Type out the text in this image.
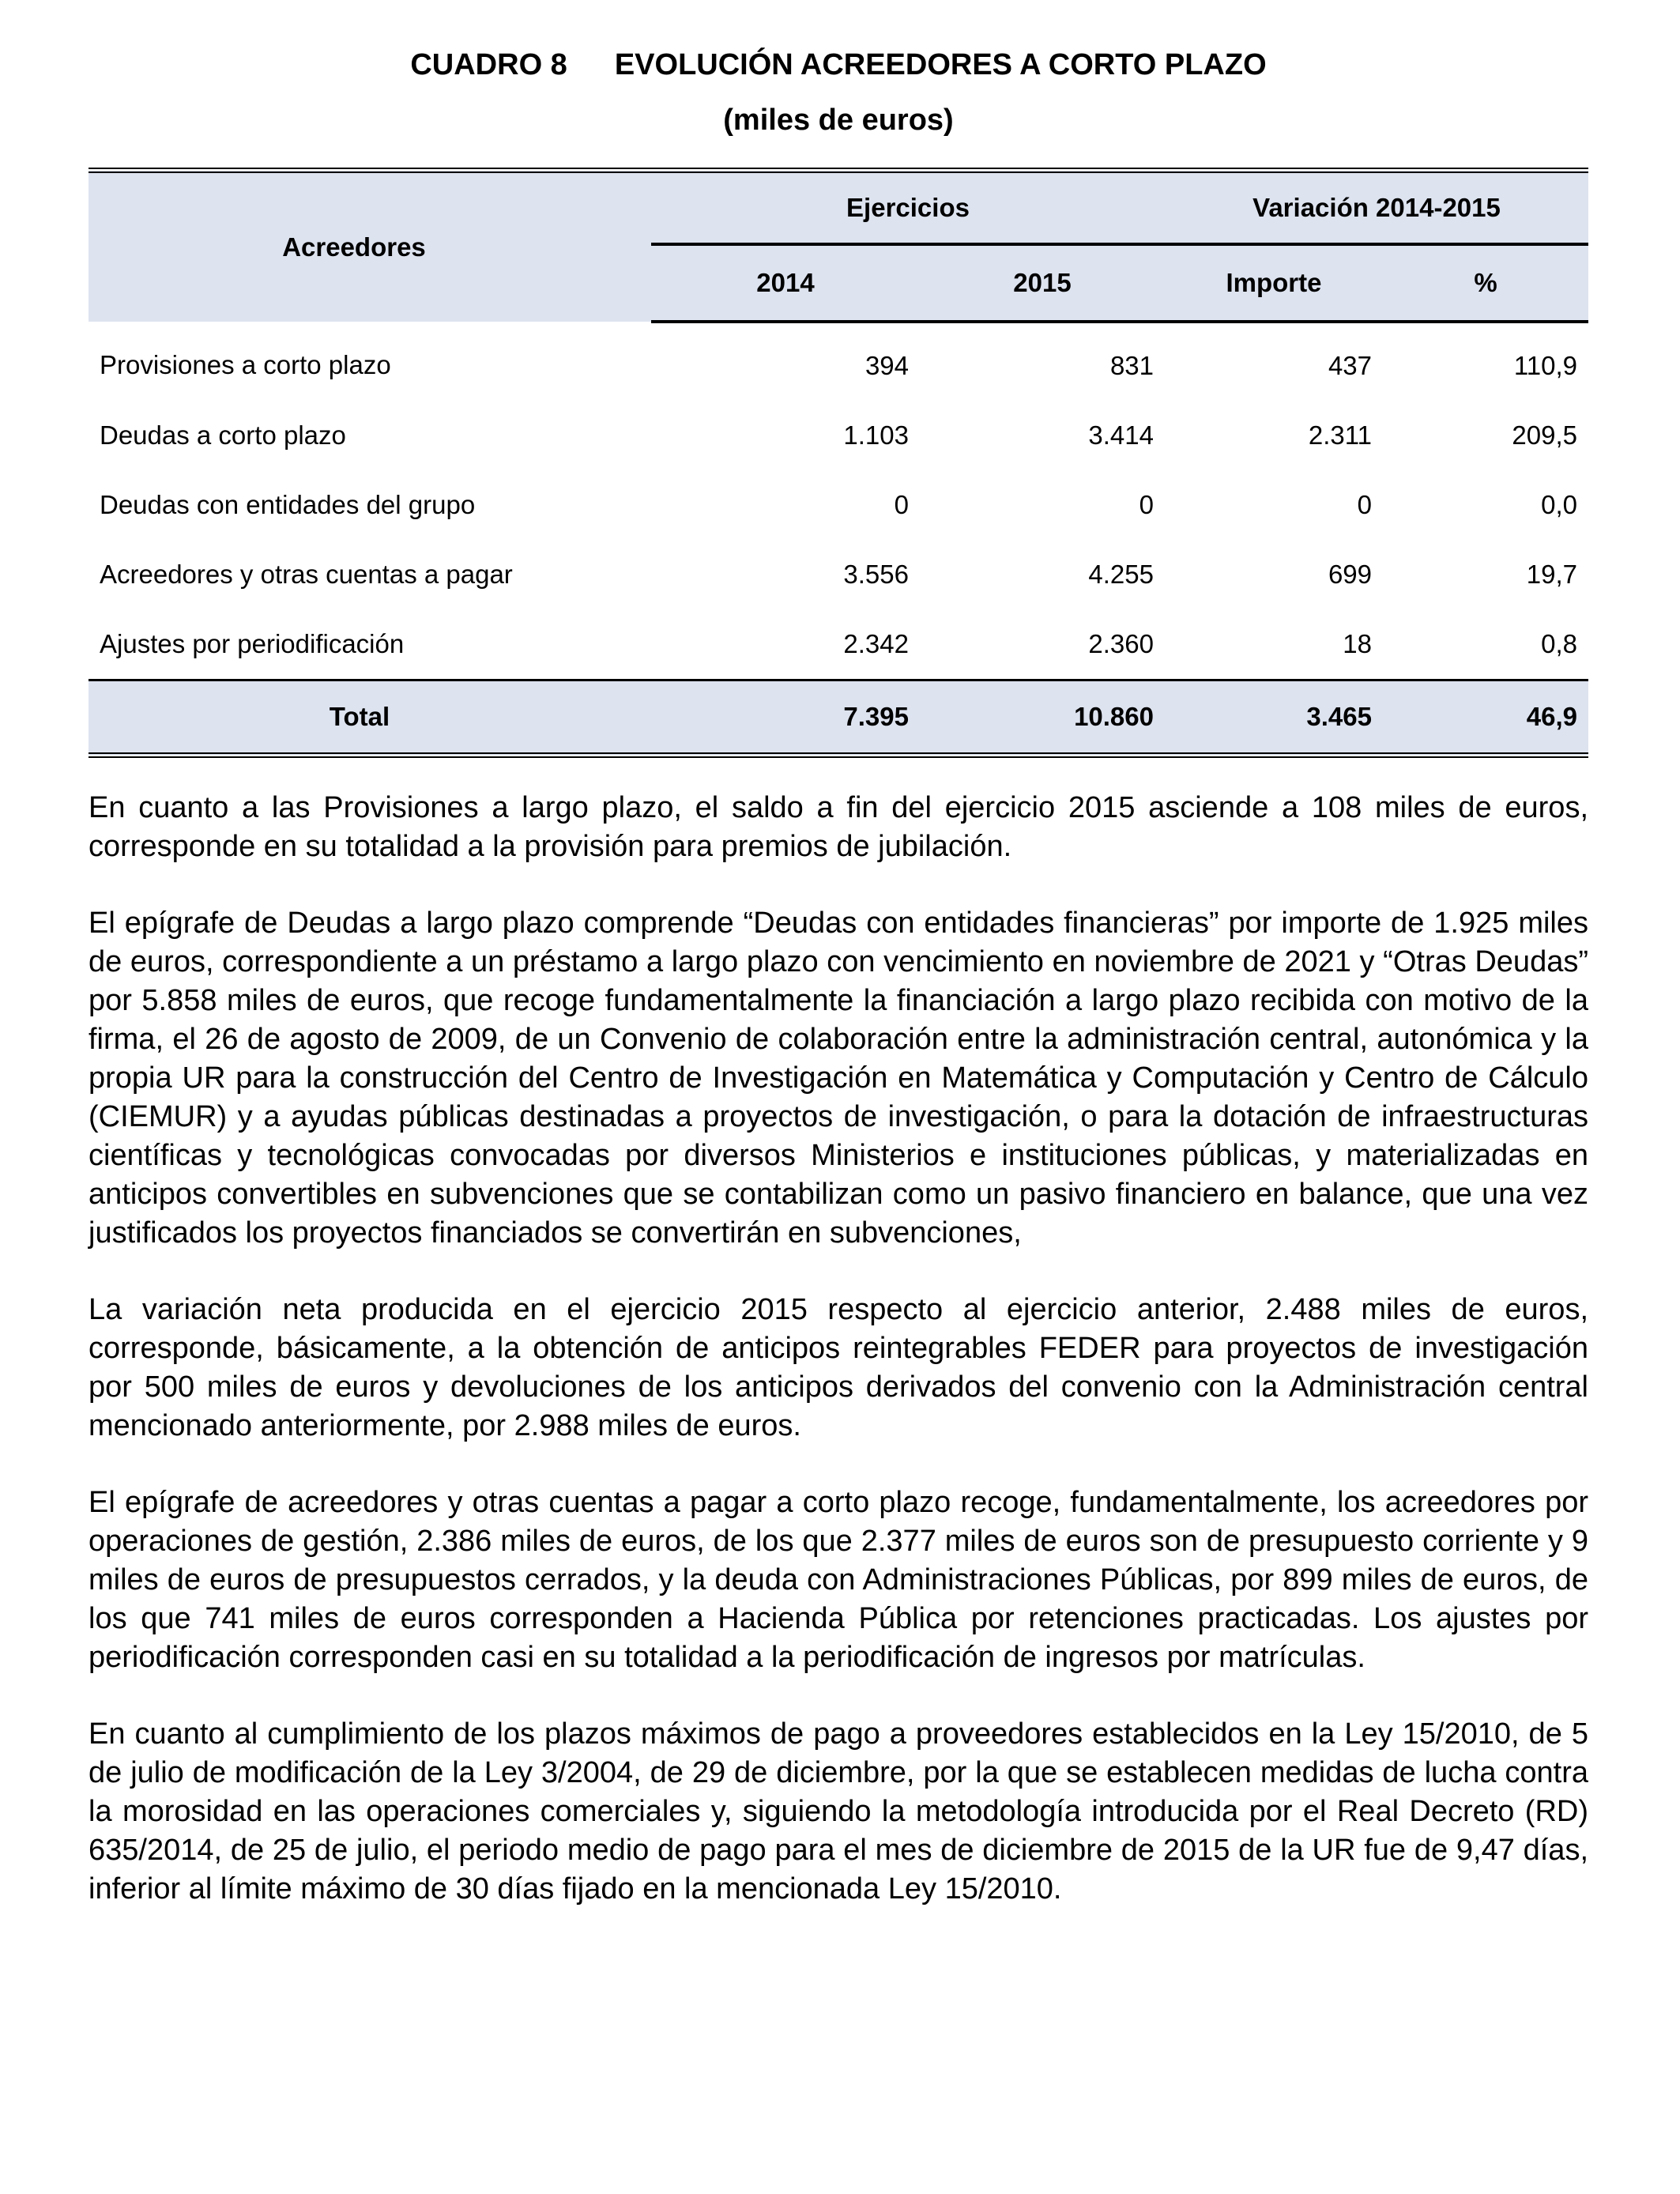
CUADRO 8 EVOLUCIÓN ACREEDORES A CORTO PLAZO
(miles de euros)
Acreedores	Ejercicios		Variación 2014-2015	
	2014	2015	Importe	%
Provisiones a corto plazo	394	831	437	110,9
Deudas a corto plazo	1.103	3.414	2.311	209,5
Deudas con entidades del grupo	0	0	0	0,0
Acreedores y otras cuentas a pagar	3.556	4.255	699	19,7
Ajustes por periodificación	2.342	2.360	18	0,8
Total	7.395	10.860	3.465	46,9

En cuanto a las Provisiones a largo plazo, el saldo a fin del ejercicio 2015 asciende a 108 miles de euros, corresponde en su totalidad a la provisión para premios de jubilación.

El epígrafe de Deudas a largo plazo comprende “Deudas con entidades financieras” por importe de 1.925 miles de euros, correspondiente a un préstamo a largo plazo con vencimiento en noviembre de 2021 y “Otras Deudas” por 5.858 miles de euros, que recoge fundamentalmente la financiación a largo plazo recibida con motivo de la firma, el 26 de agosto de 2009, de un Convenio de colaboración entre la administración central, autonómica y la propia UR para la construcción del Centro de Investigación en Matemática y Computación y Centro de Cálculo (CIEMUR) y a ayudas públicas destinadas a proyectos de investigación, o para la dotación de infraestructuras científicas y tecnológicas convocadas por diversos Ministerios e instituciones públicas, y materializadas en anticipos convertibles en subvenciones que se contabilizan como un pasivo financiero en balance, que una vez justificados los proyectos financiados se convertirán en subvenciones,

La variación neta producida en el ejercicio 2015 respecto al ejercicio anterior, 2.488 miles de euros, corresponde, básicamente, a la obtención de anticipos reintegrables FEDER para proyectos de investigación por 500 miles de euros y devoluciones de los anticipos derivados del convenio con la Administración central mencionado anteriormente, por 2.988 miles de euros.

El epígrafe de acreedores y otras cuentas a pagar a corto plazo recoge, fundamentalmente, los acreedores por operaciones de gestión, 2.386 miles de euros, de los que 2.377 miles de euros son de presupuesto corriente y 9 miles de euros de presupuestos cerrados, y la deuda con Administraciones Públicas, por 899 miles de euros, de los que 741 miles de euros corresponden a Hacienda Pública por retenciones practicadas. Los ajustes por periodificación corresponden casi en su totalidad a la periodificación de ingresos por matrículas.

En cuanto al cumplimiento de los plazos máximos de pago a proveedores establecidos en la Ley 15/2010, de 5 de julio de modificación de la Ley 3/2004, de 29 de diciembre, por la que se establecen medidas de lucha contra la morosidad en las operaciones comerciales y, siguiendo la metodología introducida por el Real Decreto (RD) 635/2014, de 25 de julio, el periodo medio de pago para el mes de diciembre de 2015 de la UR fue de 9,47 días, inferior al límite máximo de 30 días fijado en la mencionada Ley 15/2010.
